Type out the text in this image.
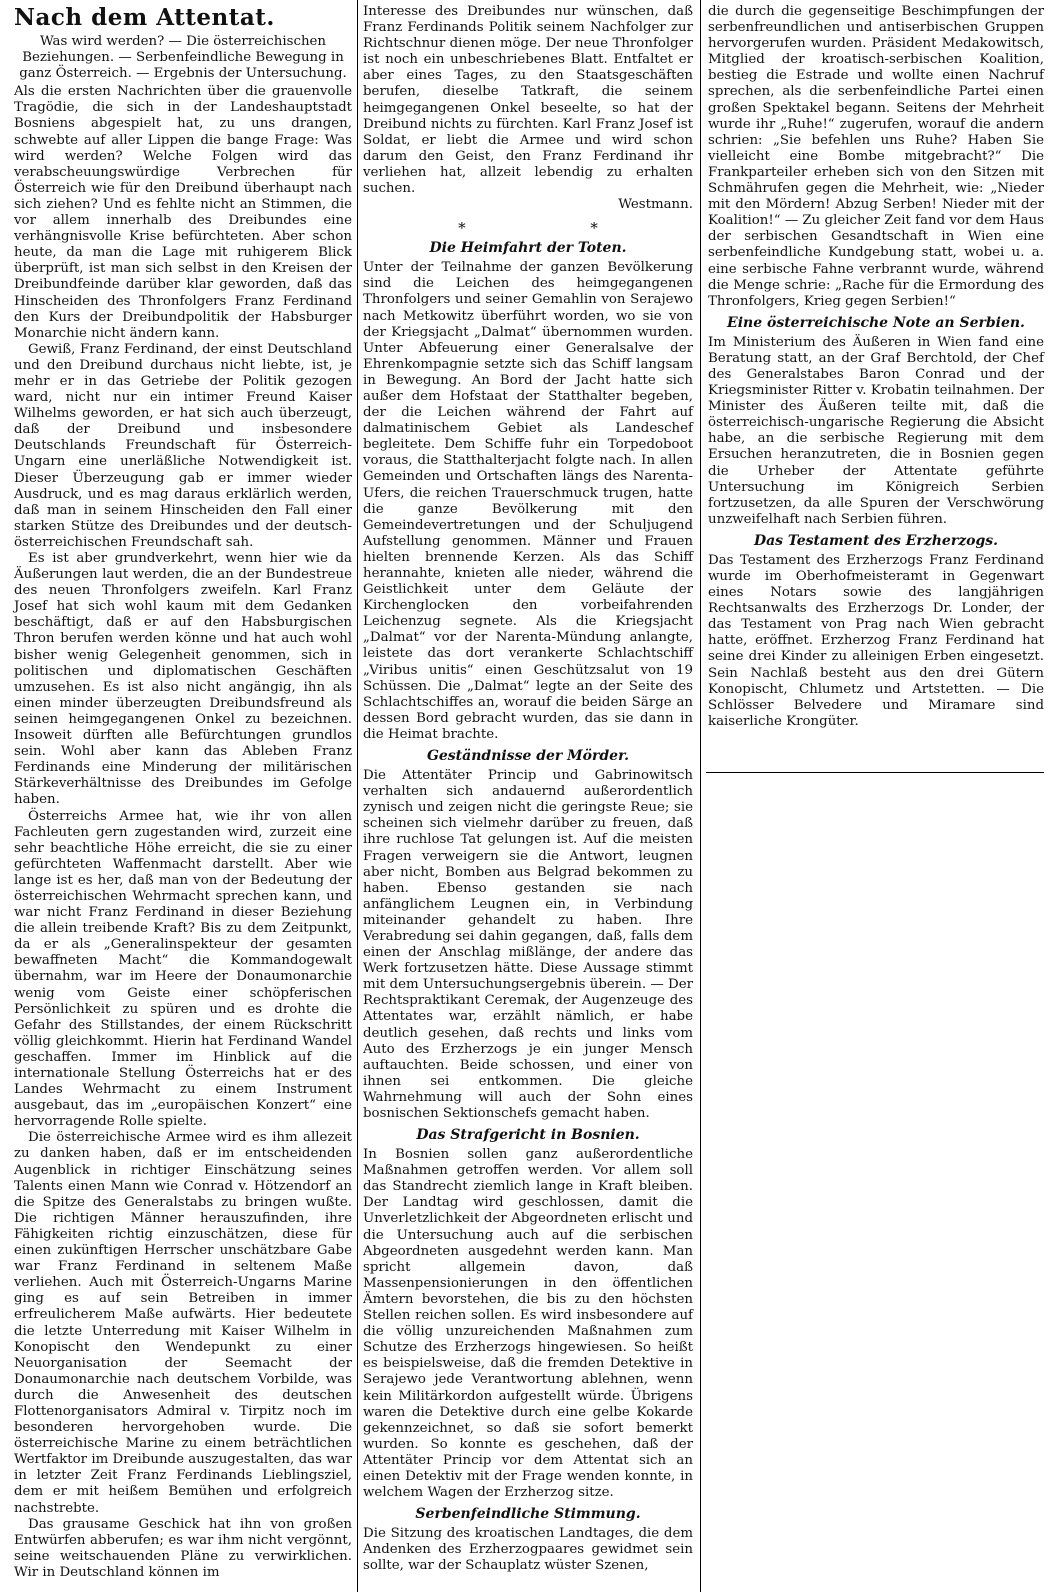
Nach dem Attentat.

Was wird werden? — Die österreichischen Beziehungen. — Serbenfeindliche Bewegung in ganz Österreich. — Ergebnis der Untersuchung.

Als die ersten Nachrichten über die grauenvolle Tragödie, die sich in der Landeshauptstadt Bosniens abgespielt hat, zu uns drangen, schwebte auf aller Lippen die bange Frage: Was wird werden? Welche Folgen wird das verabscheuungswürdige Verbrechen für Österreich wie für den Dreibund überhaupt nach sich ziehen? Und es fehlte nicht an Stimmen, die vor allem innerhalb des Dreibundes eine verhängnisvolle Krise befürchteten. Aber schon heute, da man die Lage mit ruhigerem Blick überprüft, ist man sich selbst in den Kreisen der Dreibundfeinde darüber klar geworden, daß das Hinscheiden des Thronfolgers Franz Ferdinand den Kurs der Dreibundpolitik der Habsburger Monarchie nicht ändern kann.

Gewiß, Franz Ferdinand, der einst Deutschland und den Dreibund durchaus nicht liebte, ist, je mehr er in das Getriebe der Politik gezogen ward, nicht nur ein intimer Freund Kaiser Wilhelms geworden, er hat sich auch überzeugt, daß der Dreibund und insbesondere Deutschlands Freundschaft für Österreich-Ungarn eine unerläßliche Notwendigkeit ist. Dieser Überzeugung gab er immer wieder Ausdruck, und es mag daraus erklärlich werden, daß man in seinem Hinscheiden den Fall einer starken Stütze des Dreibundes und der deutsch-österreichischen Freundschaft sah.

Es ist aber grundverkehrt, wenn hier wie da Äußerungen laut werden, die an der Bundestreue des neuen Thronfolgers zweifeln. Karl Franz Josef hat sich wohl kaum mit dem Gedanken beschäftigt, daß er auf den Habsburgischen Thron berufen werden könne und hat auch wohl bisher wenig Gelegenheit genommen, sich in politischen und diplomatischen Geschäften umzusehen. Es ist also nicht angängig, ihn als einen minder überzeugten Dreibundsfreund als seinen heimgegangenen Onkel zu bezeichnen. Insoweit dürften alle Befürchtungen grundlos sein. Wohl aber kann das Ableben Franz Ferdinands eine Minderung der militärischen Stärkeverhältnisse des Dreibundes im Gefolge haben.

Österreichs Armee hat, wie ihr von allen Fachleuten gern zugestanden wird, zurzeit eine sehr beachtliche Höhe erreicht, die sie zu einer gefürchteten Waffenmacht darstellt. Aber wie lange ist es her, daß man von der Bedeutung der österreichischen Wehrmacht sprechen kann, und war nicht Franz Ferdinand in dieser Beziehung die allein treibende Kraft? Bis zu dem Zeitpunkt, da er als „Generalinspekteur der gesamten bewaffneten Macht“ die Kommandogewalt übernahm, war im Heere der Donaumonarchie wenig vom Geiste einer schöpferischen Persönlichkeit zu spüren und es drohte die Gefahr des Stillstandes, der einem Rückschritt völlig gleichkommt. Hierin hat Ferdinand Wandel geschaffen. Immer im Hinblick auf die internationale Stellung Österreichs hat er des Landes Wehrmacht zu einem Instrument ausgebaut, das im „europäischen Konzert“ eine hervorragende Rolle spielte.

Die österreichische Armee wird es ihm allezeit zu danken haben, daß er im entscheidenden Augenblick in richtiger Einschätzung seines Talents einen Mann wie Conrad v. Hötzendorf an die Spitze des Generalstabs zu bringen wußte. Die richtigen Männer herauszufinden, ihre Fähigkeiten richtig einzuschätzen, diese für einen zukünftigen Herrscher unschätzbare Gabe war Franz Ferdinand in seltenem Maße verliehen. Auch mit Österreich-Ungarns Marine ging es auf sein Betreiben in immer erfreulicherem Maße aufwärts. Hier bedeutete die letzte Unterredung mit Kaiser Wilhelm in Konopischt den Wendepunkt zu einer Neuorganisation der Seemacht der Donaumonarchie nach deutschem Vorbilde, was durch die Anwesenheit des deutschen Flottenorganisators Admiral v. Tirpitz noch im besonderen hervorgehoben wurde. Die österreichische Marine zu einem beträchtlichen Wertfaktor im Dreibunde auszugestalten, das war in letzter Zeit Franz Ferdinands Lieblingsziel, dem er mit heißem Bemühen und erfolgreich nachstrebte.

Das grausame Geschick hat ihn von großen Entwürfen abberufen; es war ihm nicht vergönnt, seine weitschauenden Pläne zu verwirklichen. Wir in Deutschland können im

Interesse des Dreibundes nur wünschen, daß Franz Ferdinands Politik seinem Nachfolger zur Richtschnur dienen möge. Der neue Thronfolger ist noch ein unbeschriebenes Blatt. Entfaltet er aber eines Tages, zu den Staatsgeschäften berufen, dieselbe Tatkraft, die seinem heimgegangenen Onkel beseelte, so hat der Dreibund nichts zu fürchten. Karl Franz Josef ist Soldat, er liebt die Armee und wird schon darum den Geist, den Franz Ferdinand ihr verliehen hat, allzeit lebendig zu erhalten suchen.

Westmann.

* *
Die Heimfahrt der Toten.

Unter der Teilnahme der ganzen Bevölkerung sind die Leichen des heimgegangenen Thronfolgers und seiner Gemahlin von Serajewo nach Metkowitz überführt worden, wo sie von der Kriegsjacht „Dalmat“ übernommen wurden. Unter Abfeuerung einer Generalsalve der Ehrenkompagnie setzte sich das Schiff langsam in Bewegung. An Bord der Jacht hatte sich außer dem Hofstaat der Statthalter begeben, der die Leichen während der Fahrt auf dalmatinischem Gebiet als Landeschef begleitete. Dem Schiffe fuhr ein Torpedoboot voraus, die Statthalterjacht folgte nach. In allen Gemeinden und Ortschaften längs des Narenta-Ufers, die reichen Trauerschmuck trugen, hatte die ganze Bevölkerung mit den Gemeindevertretungen und der Schuljugend Aufstellung genommen. Männer und Frauen hielten brennende Kerzen. Als das Schiff herannahte, knieten alle nieder, während die Geistlichkeit unter dem Geläute der Kirchenglocken den vorbeifahrenden Leichenzug segnete. Als die Kriegsjacht „Dalmat“ vor der Narenta-Mündung anlangte, leistete das dort verankerte Schlachtschiff „Viribus unitis“ einen Geschützsalut von 19 Schüssen. Die „Dalmat“ legte an der Seite des Schlachtschiffes an, worauf die beiden Särge an dessen Bord gebracht wurden, das sie dann in die Heimat brachte.

Geständnisse der Mörder.

Die Attentäter Princip und Gabrinowitsch verhalten sich andauernd außerordentlich zynisch und zeigen nicht die geringste Reue; sie scheinen sich vielmehr darüber zu freuen, daß ihre ruchlose Tat gelungen ist. Auf die meisten Fragen verweigern sie die Antwort, leugnen aber nicht, Bomben aus Belgrad bekommen zu haben. Ebenso gestanden sie nach anfänglichem Leugnen ein, in Verbindung miteinander gehandelt zu haben. Ihre Verabredung sei dahin gegangen, daß, falls dem einen der Anschlag mißlänge, der andere das Werk fortzusetzen hätte. Diese Aussage stimmt mit dem Untersuchungsergebnis überein. — Der Rechtspraktikant Ceremak, der Augenzeuge des Attentates war, erzählt nämlich, er habe deutlich gesehen, daß rechts und links vom Auto des Erzherzogs je ein junger Mensch auftauchten. Beide schossen, und einer von ihnen sei entkommen. Die gleiche Wahrnehmung will auch der Sohn eines bosnischen Sektionschefs gemacht haben.

Das Strafgericht in Bosnien.

In Bosnien sollen ganz außerordentliche Maßnahmen getroffen werden. Vor allem soll das Standrecht ziemlich lange in Kraft bleiben. Der Landtag wird geschlossen, damit die Unverletzlichkeit der Abgeordneten erlischt und die Untersuchung auch auf die serbischen Abgeordneten ausgedehnt werden kann. Man spricht allgemein davon, daß Massenpensionierungen in den öffentlichen Ämtern bevorstehen, die bis zu den höchsten Stellen reichen sollen. Es wird insbesondere auf die völlig unzureichenden Maßnahmen zum Schutze des Erzherzogs hingewiesen. So heißt es beispielsweise, daß die fremden Detektive in Serajewo jede Verantwortung ablehnen, wenn kein Militärkordon aufgestellt würde. Übrigens waren die Detektive durch eine gelbe Kokarde gekennzeichnet, so daß sie sofort bemerkt wurden. So konnte es geschehen, daß der Attentäter Princip vor dem Attentat sich an einen Detektiv mit der Frage wenden konnte, in welchem Wagen der Erzherzog sitze.

Serbenfeindliche Stimmung.

Die Sitzung des kroatischen Landtages, die dem Andenken des Erzherzogpaares gewidmet sein sollte, war der Schauplatz wüster Szenen,

die durch die gegenseitige Beschimpfungen der serbenfreundlichen und antiserbischen Gruppen hervorgerufen wurden. Präsident Medakowitsch, Mitglied der kroatisch-serbischen Koalition, bestieg die Estrade und wollte einen Nachruf sprechen, als die serbenfeindliche Partei einen großen Spektakel begann. Seitens der Mehrheit wurde ihr „Ruhe!“ zugerufen, worauf die andern schrien: „Sie befehlen uns Ruhe? Haben Sie vielleicht eine Bombe mitgebracht?“ Die Frankparteiler erheben sich von den Sitzen mit Schmährufen gegen die Mehrheit, wie: „Nieder mit den Mördern! Abzug Serben! Nieder mit der Koalition!“ — Zu gleicher Zeit fand vor dem Haus der serbischen Gesandtschaft in Wien eine serbenfeindliche Kundgebung statt, wobei u. a. eine serbische Fahne verbrannt wurde, während die Menge schrie: „Rache für die Ermordung des Thronfolgers, Krieg gegen Serbien!“

Eine österreichische Note an Serbien.

Im Ministerium des Äußeren in Wien fand eine Beratung statt, an der Graf Berchtold, der Chef des Generalstabes Baron Conrad und der Kriegsminister Ritter v. Krobatin teilnahmen. Der Minister des Äußeren teilte mit, daß die österreichisch-ungarische Regierung die Absicht habe, an die serbische Regierung mit dem Ersuchen heranzutreten, die in Bosnien gegen die Urheber der Attentate geführte Untersuchung im Königreich Serbien fortzusetzen, da alle Spuren der Verschwörung unzweifelhaft nach Serbien führen.

Das Testament des Erzherzogs.

Das Testament des Erzherzogs Franz Ferdinand wurde im Oberhofmeisteramt in Gegenwart eines Notars sowie des langjährigen Rechtsanwalts des Erzherzogs Dr. Londer, der das Testament von Prag nach Wien gebracht hatte, eröffnet. Erzherzog Franz Ferdinand hat seine drei Kinder zu alleinigen Erben eingesetzt. Sein Nachlaß besteht aus den drei Gütern Konopischt, Chlumetz und Artstetten. — Die Schlösser Belvedere und Miramare sind kaiserliche Krongüter.
